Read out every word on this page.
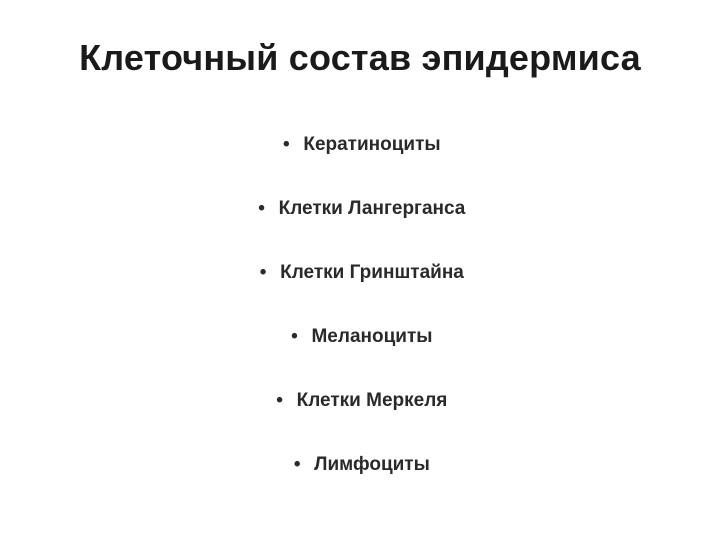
Клеточный состав эпидермиса
• Кератиноциты
• Клетки Лангерганса
• Клетки Гринштайна
• Меланоциты
• Клетки Меркеля
• Лимфоциты
